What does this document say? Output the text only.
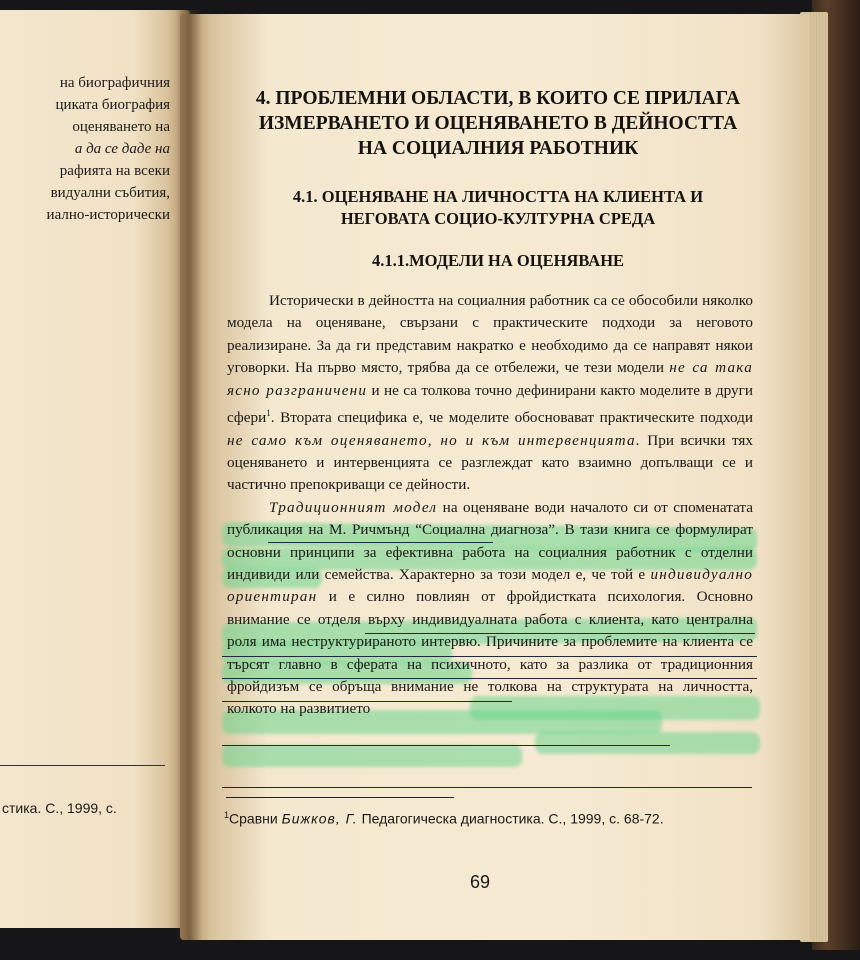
на биографичния
цикатa биография
оценяването на
а да се даде на
рафията на всеки
видуални събития,
иално-исторически
стика. С., 1999, с.
4. ПРОБЛЕМНИ ОБЛАСТИ, В КОИТО СЕ ПРИЛАГА
ИЗМЕРВАНЕТО И ОЦЕНЯВАНЕТО В ДЕЙНОСТТА
НА СОЦИАЛНИЯ РАБОТНИК
4.1. ОЦЕНЯВАНЕ НА ЛИЧНОСТТА НА КЛИЕНТА И
НЕГОВАТА СОЦИО-КУЛТУРНА СРЕДА
4.1.1.МОДЕЛИ НА ОЦЕНЯВАНЕ

Исторически в дейността на социалния работник са се обособили няколко модела на оценяване, свързани с практическите подходи за неговото реализиране. За да ги представим накратко е необходимо да се направят някои уговорки. На първо място, трябва да се отбележи, че тези модели не са така ясно разграничени и не са толкова точно дефинирани както моделите в други сфери$^1$. Втората специфика е, че моделите обосновават практическите подходи не само към оценяването, но и към интервенцията. При всички тях оценяването и интервенцията се разглеждат като взаимно допълващи се и частично препокриващи се дейности.

Традиционният модел на оценяване води началото си от споменатата публикация на М. Ричмънд “Социална диагноза”. В тази книга се формулират основни принципи за ефективна работа на социалния работник с отделни индивиди или семейства. Характерно за този модел е, че той е индивидуално ориентиран и е силно повлиян от фройдистката психология. Основно внимание се отделя върху индивидуалната работа с клиента, като централна роля има неструктурираното интервю. Причините за проблемите на клиента се търсят главно в сферата на психичното, като за разлика от традиционния фройдизъм се обръща внимание не толкова на структурата на личността, колкото на развитието

$^1$Сравни Бижков, Г. Педагогическа диагностика. С., 1999, с. 68-72.
69
